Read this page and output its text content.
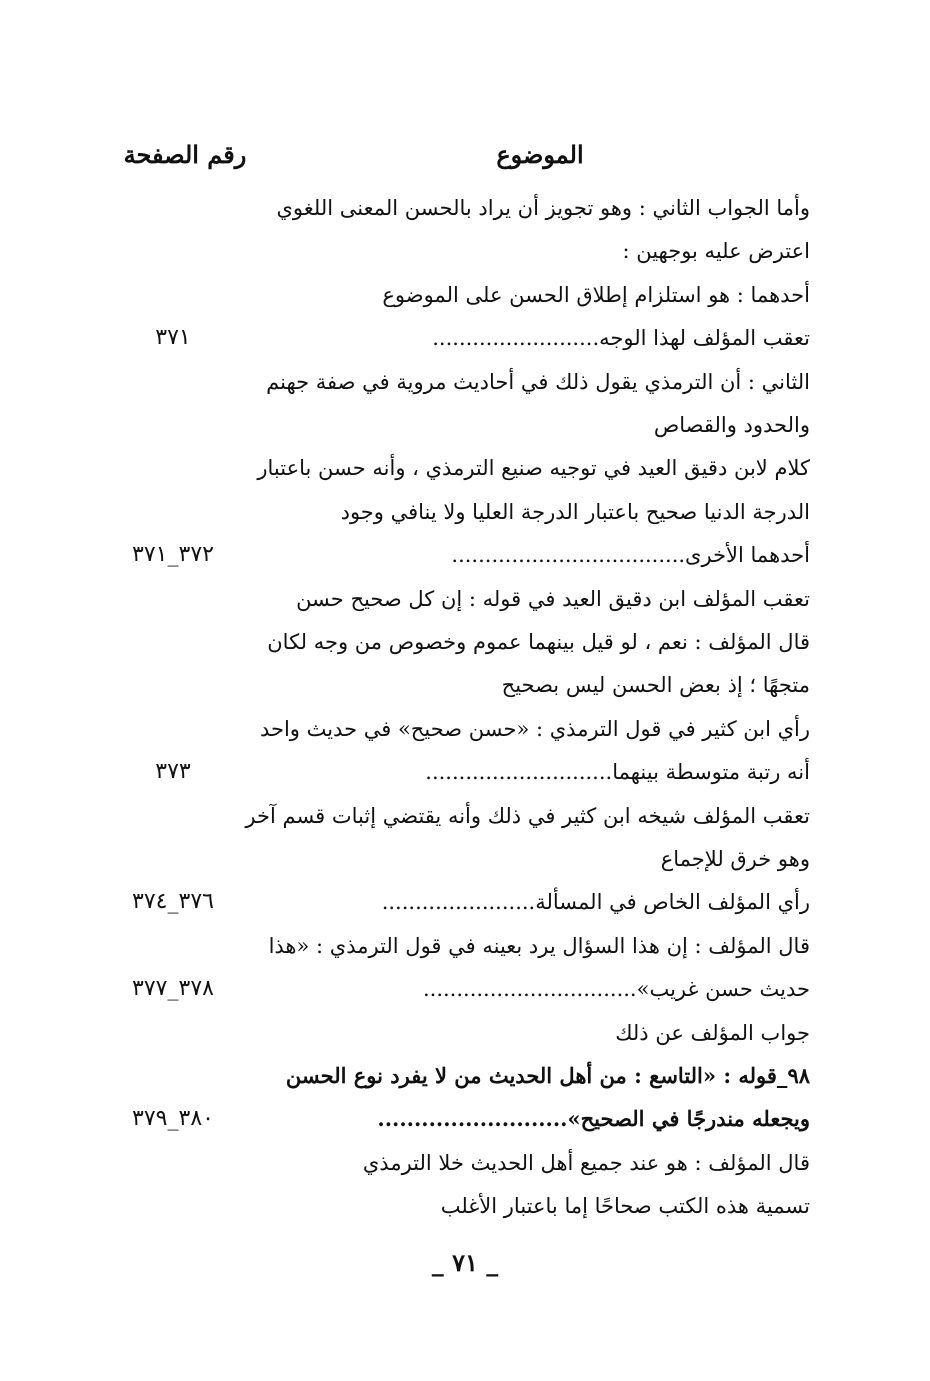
الموضوع
رقم الصفحة
وأما الجواب الثاني : وهو تجويز أن يراد بالحسن المعنى اللغوي
اعترض عليه بوجهين :
أحدهما : هو استلزام إطلاق الحسن على الموضوع
تعقب المؤلف لهذا الوجه.........................
٣٧١
الثاني : أن الترمذي يقول ذلك في أحاديث مروية في صفة جهنم
والحدود والقصاص
كلام لابن دقيق العيد في توجيه صنيع الترمذي ، وأنه حسن باعتبار
الدرجة الدنيا صحيح باعتبار الدرجة العليا ولا ينافي وجود
أحدهما الأخرى...................................
٣٧٢_٣٧١
تعقب المؤلف ابن دقيق العيد في قوله : إن كل صحيح حسن
قال المؤلف : نعم ، لو قيل بينهما عموم وخصوص من وجه لكان
متجهًا ؛ إذ بعض الحسن ليس بصحيح
رأي ابن كثير في قول الترمذي : «حسن صحيح» في حديث واحد
أنه رتبة متوسطة بينهما............................
٣٧٣
تعقب المؤلف شيخه ابن كثير في ذلك وأنه يقتضي إثبات قسم آخر
وهو خرق للإجماع
رأي المؤلف الخاص في المسألة.......................
٣٧٦_٣٧٤
قال المؤلف : إن هذا السؤال يرد بعينه في قول الترمذي : «هذا
حديث حسن غريب»................................
٣٧٨_٣٧٧
جواب المؤلف عن ذلك
٩٨_قوله : «التاسع : من أهل الحديث من لا يفرد نوع الحسن
ويجعله مندرجًا في الصحيح»..........................
٣٨٠_٣٧٩
قال المؤلف : هو عند جميع أهل الحديث خلا الترمذي
تسمية هذه الكتب صحاحًا إما باعتبار الأغلب
_ ٧١ _
